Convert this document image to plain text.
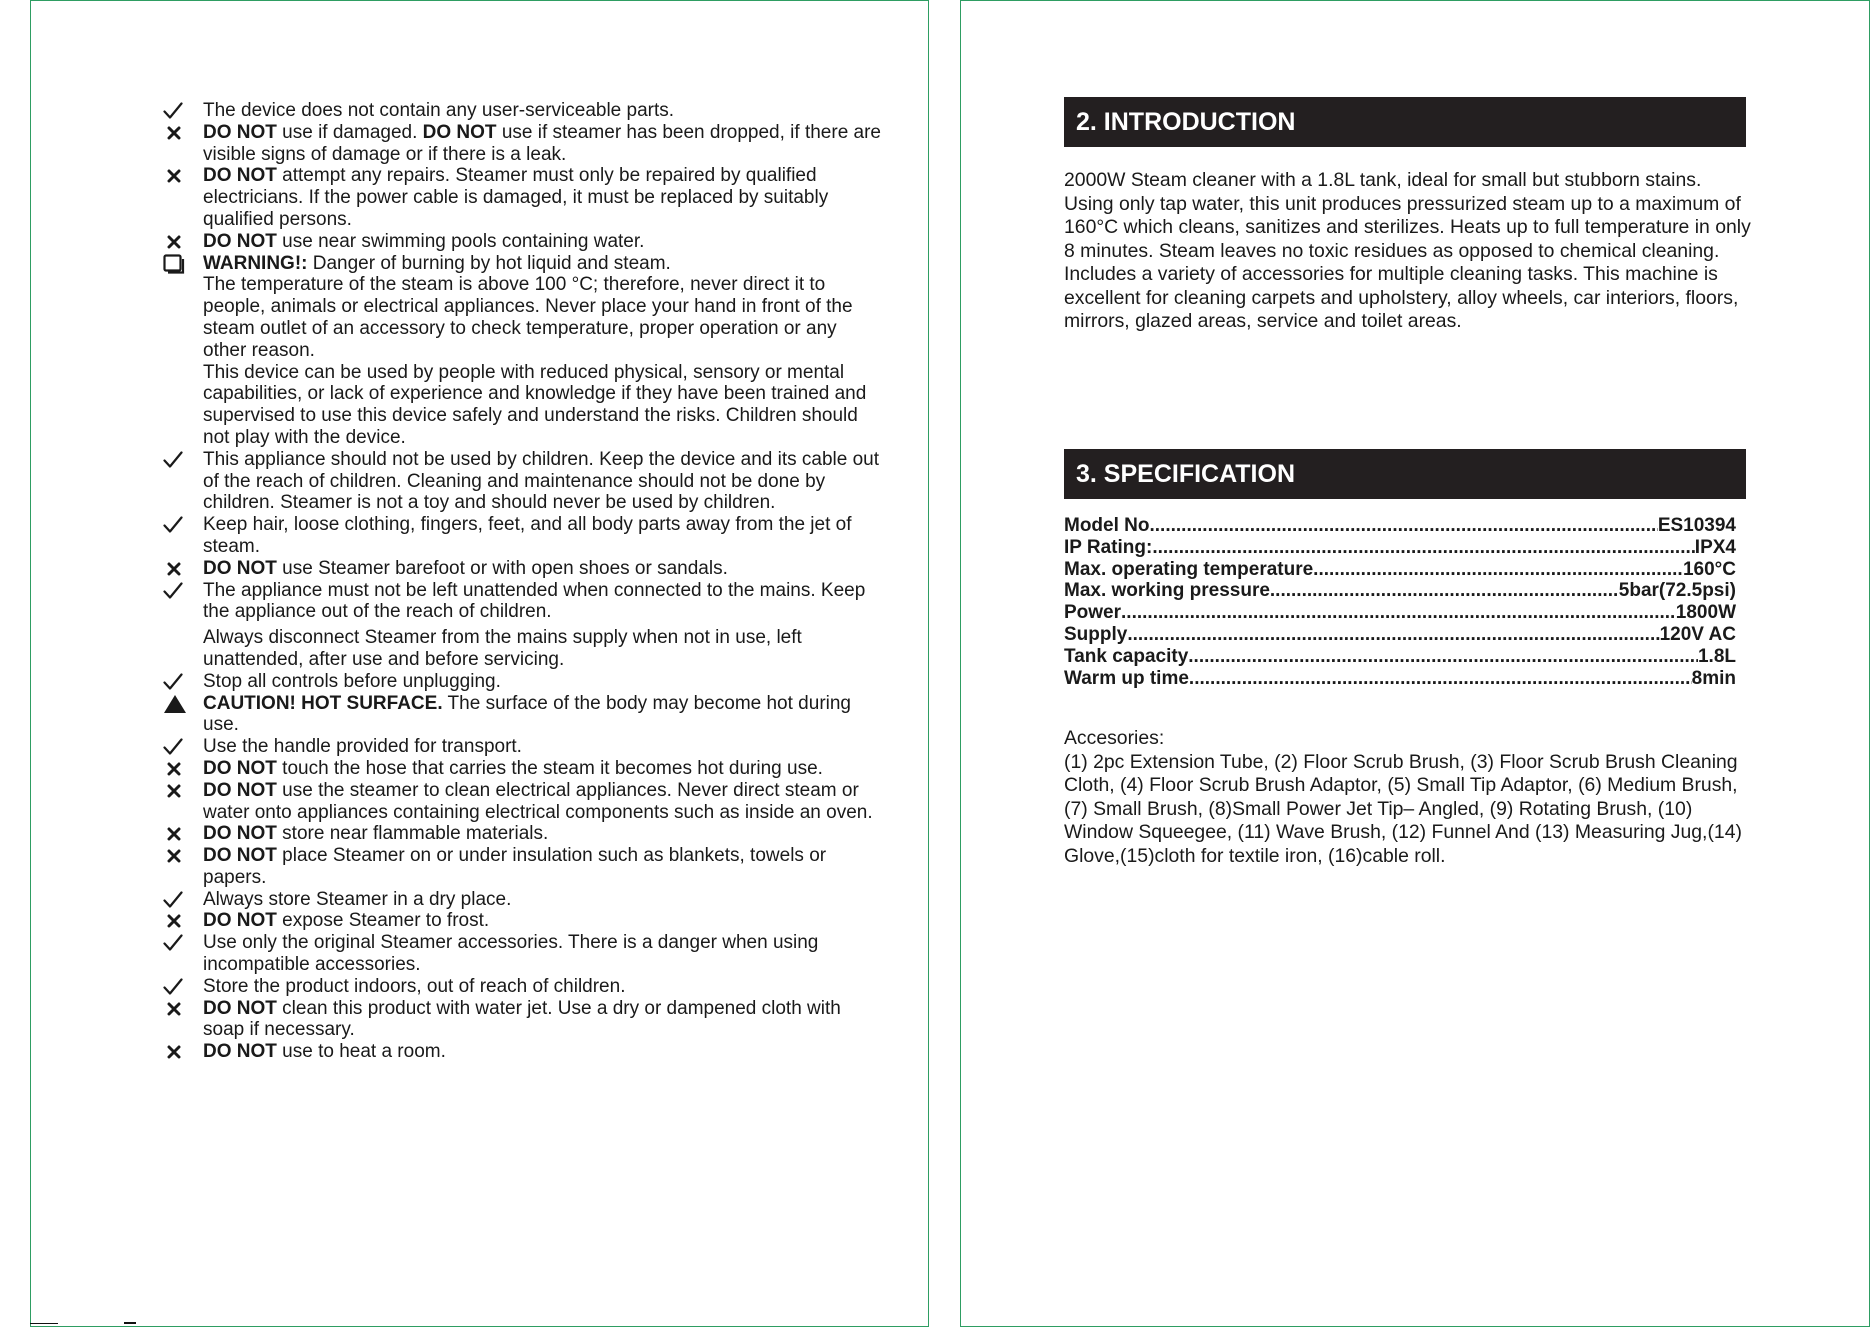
The device does not contain any user-serviceable parts.
DO NOT use if damaged. DO NOT use if steamer has been dropped, if there are visible signs of damage or if there is a leak.
DO NOT attempt any repairs. Steamer must only be repaired by qualified electricians. If the power cable is damaged, it must be replaced by suitably qualified persons.
DO NOT use near swimming pools containing water.
WARNING!: Danger of burning by hot liquid and steam.
The temperature of the steam is above 100 °C; therefore, never direct it to people, animals or electrical appliances. Never place your hand in front of the steam outlet of an accessory to check temperature, proper operation or any other reason.
This device can be used by people with reduced physical, sensory or mental capabilities, or lack of experience and knowledge if they have been trained and supervised to use this device safely and understand the risks. Children should not play with the device.
This appliance should not be used by children. Keep the device and its cable out of the reach of children. Cleaning and maintenance should not be done by children. Steamer is not a toy and should never be used by children.
Keep hair, loose clothing, fingers, feet, and all body parts away from the jet of steam.
DO NOT use Steamer barefoot or with open shoes or sandals.
The appliance must not be left unattended when connected to the mains. Keep the appliance out of the reach of children.
Always disconnect Steamer from the mains supply when not in use, left unattended, after use and before servicing.
Stop all controls before unplugging.
CAUTION! HOT SURFACE. The surface of the body may become hot during use.
Use the handle provided for transport.
DO NOT touch the hose that carries the steam it becomes hot during use.
DO NOT use the steamer to clean electrical appliances. Never direct steam or water onto appliances containing electrical components such as inside an oven.
DO NOT store near flammable materials.
DO NOT place Steamer on or under insulation such as blankets, towels or papers.
Always store Steamer in a dry place.
DO NOT expose Steamer to frost.
Use only the original Steamer accessories. There is a danger when using incompatible accessories.
Store the product indoors, out of reach of children.
DO NOT clean this product with water jet. Use a dry or dampened cloth with soap if necessary.
DO NOT use to heat a room.
2. INTRODUCTION
2000W Steam cleaner with a 1.8L tank, ideal for small but stubborn stains. Using only tap water, this unit produces pressurized steam up to a maximum of 160°C which cleans, sanitizes and sterilizes. Heats up to full temperature in only 8 minutes. Steam leaves no toxic residues as opposed to chemical cleaning. Includes a variety of accessories for multiple cleaning tasks. This machine is excellent for cleaning carpets and upholstery, alloy wheels, car interiors, floors, mirrors, glazed areas, service and toilet areas.
3. SPECIFICATION
Model No .....	ES10394
IP Rating: .....	IPX4
Max. operating temperature .....	160°C
Max. working pressure .....	5bar(72.5psi)
Power .....	1800W
Supply .....	120V AC
Tank capacity .....	1.8L
Warm up time .....	8min
Accesories:
(1) 2pc Extension Tube, (2) Floor Scrub Brush, (3) Floor Scrub Brush Cleaning Cloth, (4) Floor Scrub Brush Adaptor, (5) Small Tip Adaptor, (6) Medium Brush, (7) Small Brush, (8)Small Power Jet Tip– Angled, (9) Rotating Brush, (10) Window Squeegee, (11) Wave Brush, (12) Funnel And (13) Measuring Jug,(14) Glove,(15)cloth for textile iron, (16)cable roll.
